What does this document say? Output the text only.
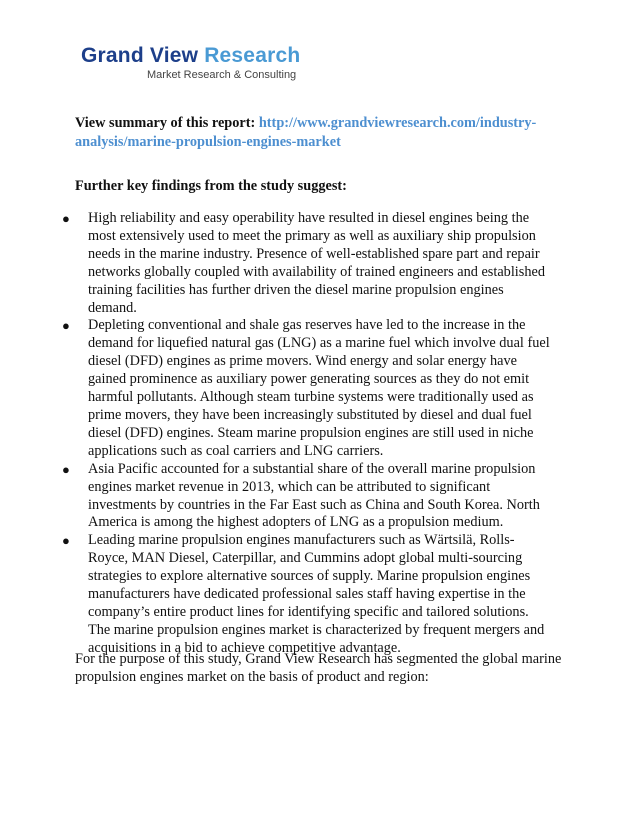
Grand View Research
Market Research & Consulting
View summary of this report: http://www.grandviewresearch.com/industry-
analysis/marine-propulsion-engines-market
Further key findings from the study suggest:
● High reliability and easy operability have resulted in diesel engines being the most extensively used to meet the primary as well as auxiliary ship propulsion needs in the marine industry. Presence of well-established spare part and repair networks globally coupled with availability of trained engineers and established training facilities has further driven the diesel marine propulsion engines demand.
● Depleting conventional and shale gas reserves have led to the increase in the demand for liquefied natural gas (LNG) as a marine fuel which involve dual fuel diesel (DFD) engines as prime movers. Wind energy and solar energy have gained prominence as auxiliary power generating sources as they do not emit harmful pollutants. Although steam turbine systems were traditionally used as prime movers, they have been increasingly substituted by diesel and dual fuel diesel (DFD) engines. Steam marine propulsion engines are still used in niche applications such as coal carriers and LNG carriers.
● Asia Pacific accounted for a substantial share of the overall marine propulsion engines market revenue in 2013, which can be attributed to significant investments by countries in the Far East such as China and South Korea. North America is among the highest adopters of LNG as a propulsion medium.
● Leading marine propulsion engines manufacturers such as Wärtsilä, Rolls-Royce, MAN Diesel, Caterpillar, and Cummins adopt global multi-sourcing strategies to explore alternative sources of supply. Marine propulsion engines manufacturers have dedicated professional sales staff having expertise in the company’s entire product lines for identifying specific and tailored solutions. The marine propulsion engines market is characterized by frequent mergers and acquisitions in a bid to achieve competitive advantage.
For the purpose of this study, Grand View Research has segmented the global marine propulsion engines market on the basis of product and region:
